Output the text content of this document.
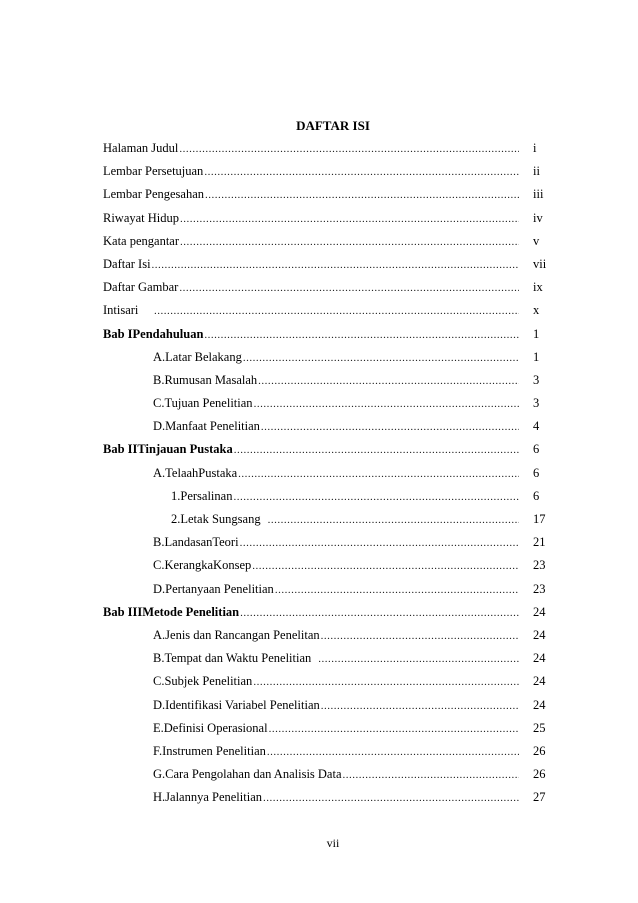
DAFTAR ISI
Halaman Judul .....	i
Lembar Persetujuan .....	ii
Lembar Pengesahan .....	iii
Riwayat Hidup .....	iv
Kata pengantar .....	v
Daftar Isi .....	vii
Daftar Gambar .....	ix
Intisari .....	x
Bab I Pendahuluan .....	1
A. Latar Belakang .....	1
B. Rumusan Masalah .....	3
C. Tujuan Penelitian .....	3
D. Manfaat Penelitian .....	4
Bab II Tinjauan Pustaka .....	6
A. TelaahPustaka .....	6
1. Persalinan .....	6
2. Letak Sungsang .....	17
B. LandasanTeori .....	21
C. KerangkaKonsep .....	23
D. Pertanyaan Penelitian .....	23
Bab III Metode Penelitian .....	24
A. Jenis dan Rancangan Penelitan .....	24
B. Tempat dan Waktu Penelitian .....	24
C. Subjek Penelitian .....	24
D. Identifikasi Variabel Penelitian .....	24
E. Definisi Operasional .....	25
F. Instrumen Penelitian .....	26
G. Cara Pengolahan dan Analisis Data .....	26
H. Jalannya Penelitian .....	27
vii
